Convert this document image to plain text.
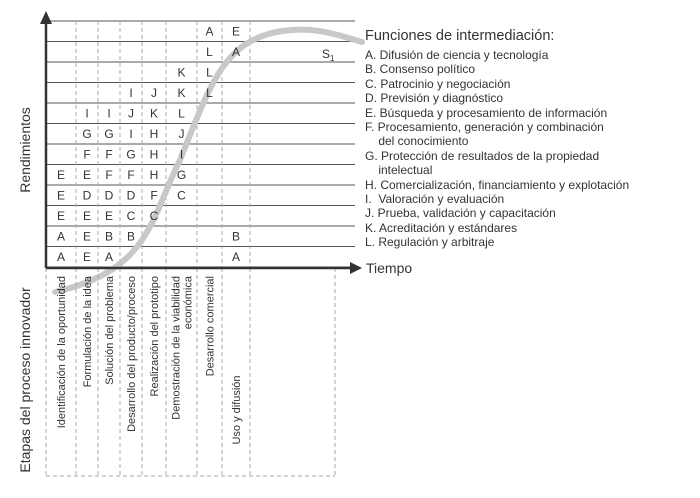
A E
L A
K L
I J K L
I I J K L
G G I H J
F F G H I
E E F F H G
E D D D F C
E E E C C
A E B B	B
A E A	A
Identificación de la oportunidad Formulación de la idea Solución del problema Desarrollo del producto/proceso Realización del prototipo Demostración de la viabilidadeconómica Desarrollo comercial
Uso y difusión
Rendimientos
Tiempo
Etapas del proceso innovador
$S_1$
Funciones de intermediación:
A. Difusión de ciencia y tecnología
B. Consenso político
C. Patrocinio y negociación
D. Previsión y diagnóstico
E. Búsqueda y procesamiento de información
F. Procesamiento, generación y combinación
del conocimiento
G. Protección de resultados de la propiedad
intelectual
H. Comercialización, financiamiento y explotación
I.  Valoración y evaluación
J. Prueba, validación y capacitación
K. Acreditación y estándares
L. Regulación y arbitraje
